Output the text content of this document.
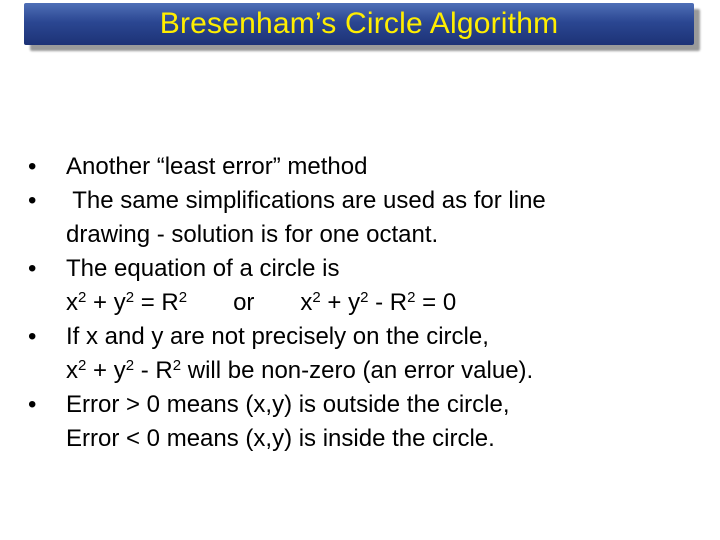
Bresenham’s Circle Algorithm
• Another “least error” method
• The same simplifications are used as for line
drawing - solution is for one octant.
• The equation of a circle is
$x^2 + y^2 = R^2$ or $x^2 + y^2 - R^2 = 0$
• If x and y are not precisely on the circle,
$x^2 + y^2 - R^2$ will be non-zero (an error value).
• Error > 0 means (x,y) is outside the circle,
Error < 0 means (x,y) is inside the circle.
